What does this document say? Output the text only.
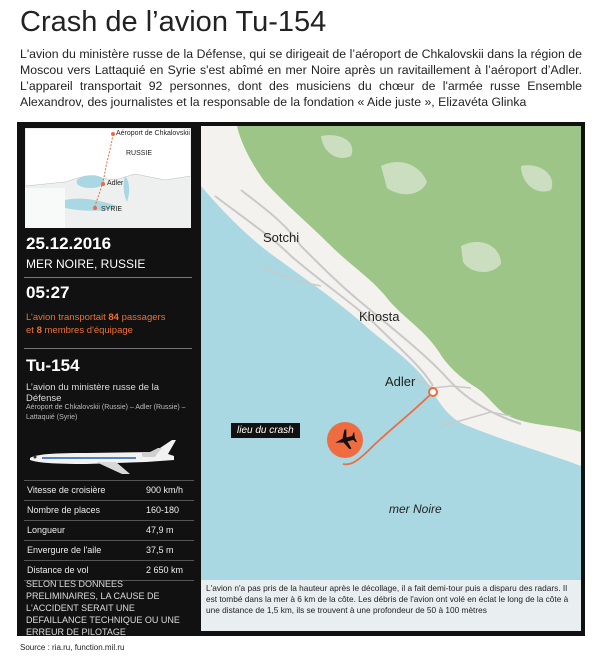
Crash de l’avion Tu-154

L'avion du ministère russe de la Défense, qui se dirigeait de l’aéroport de Chkalovskii dans la région de Moscou vers Lattaquié en Syrie s'est abîmé en mer Noire après un ravitaillement à l’aéroport d’Adler. L’appareil transportait 92 personnes, dont des musiciens du chœur de l'armée russe Ensemble Alexandrov, des journalistes et la responsable de la fondation « Aide juste », Elizavéta Glinka

Aéroport de Chkalovskii
RUSSIE
Adler
SYRIE
25.12.2016
MER NOIRE, RUSSIE
05:27
L’avion transportait 84 passagers
et 8 membres d'équipage
Tu-154
L’avion du ministère russe de la Défense
Aéroport de Chkalovskii (Russie) – Adler (Russie) – Lattaquié (Syrie)
Vitesse de croisière	900 km/h
Nombre de places	160-180
Longueur	47,9 m
Envergure de l'aile	37,5 m
Distance de vol	2 650 km
SELON LES DONNEES PRELIMINAIRES, LA CAUSE DE L'ACCIDENT SERAIT UNE DEFAILLANCE TECHNIQUE OU UNE ERREUR DE PILOTAGE
Sotchi
Khosta
Adler
lieu du crash
mer Noire
L'avion n'a pas pris de la hauteur après le décollage, il a fait demi-tour puis a disparu des radars. Il est tombé dans la mer à 6 km de la côte. Les débris de l'avion ont volé en éclat le long de la côte à une distance de 1,5 km, ils se trouvent à une profondeur de 50 à 100 mètres
Source : ria.ru, function.mil.ru
